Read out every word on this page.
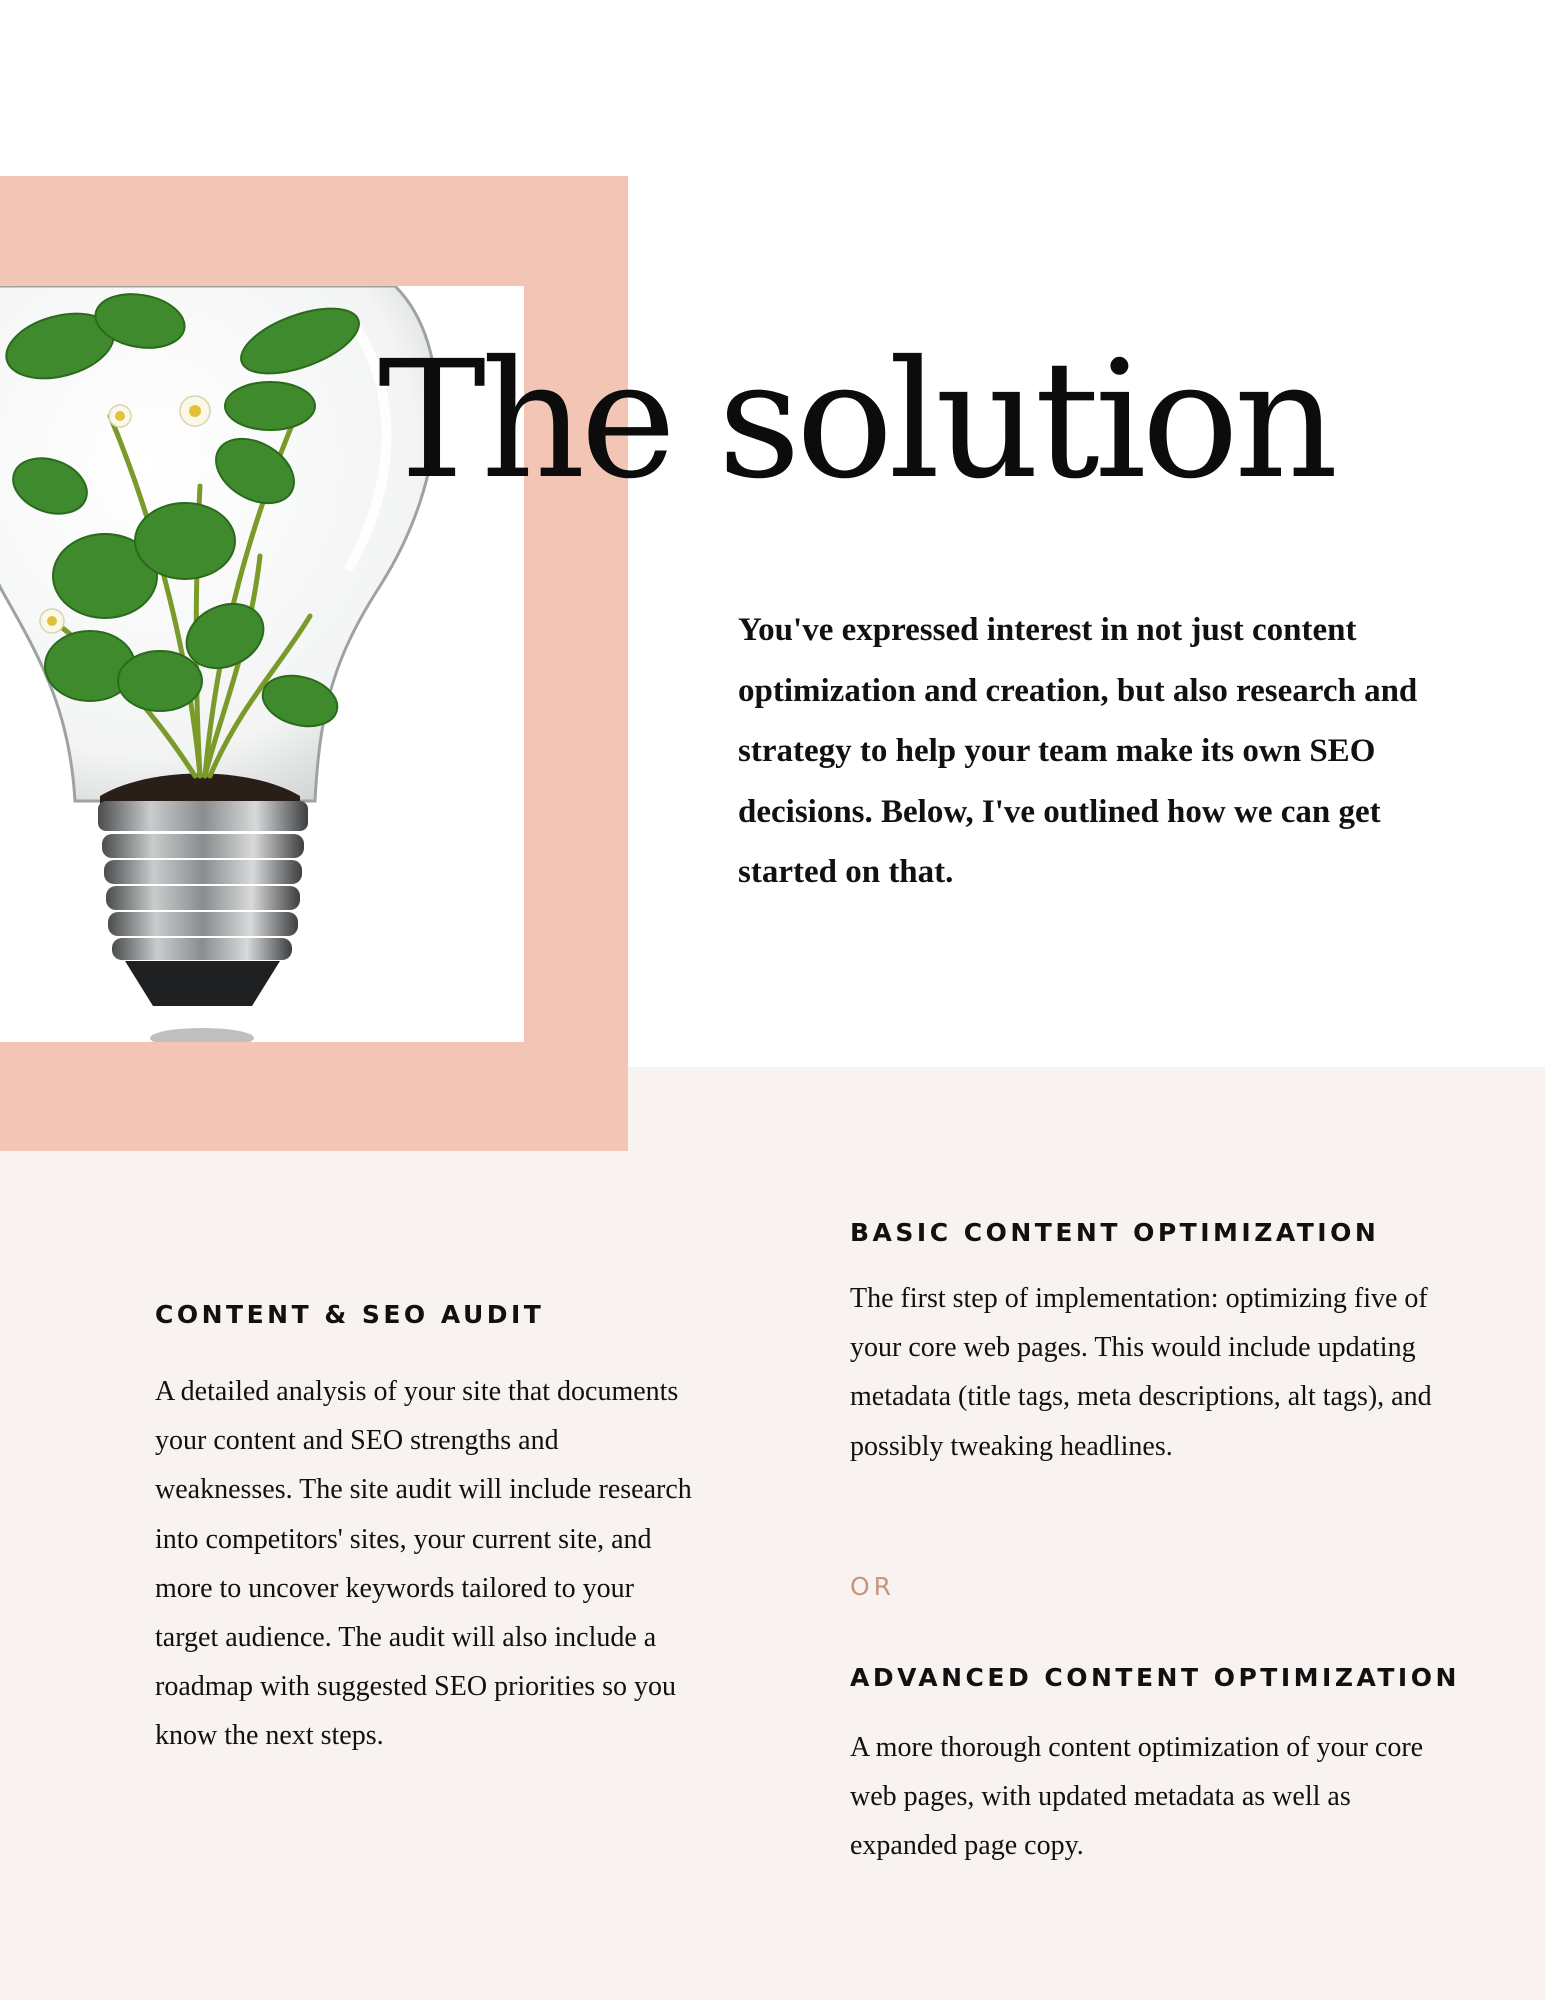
The solution

You've expressed interest in not just content optimization and creation, but also research and strategy to help your team make its own SEO decisions. Below, I've outlined how we can get started on that.

CONTENT & SEO AUDIT

A detailed analysis of your site that documents your content and SEO strengths and weaknesses. The site audit will include research into competitors' sites, your current site, and more to uncover keywords tailored to your target audience. The audit will also include a roadmap with suggested SEO priorities so you know the next steps.

BASIC CONTENT OPTIMIZATION

The first step of implementation: optimizing five of your core web pages. This would include updating metadata (title tags, meta descriptions, alt tags), and possibly tweaking headlines.

OR
ADVANCED CONTENT OPTIMIZATION

A more thorough content optimization of your core web pages, with updated metadata as well as expanded page copy.
